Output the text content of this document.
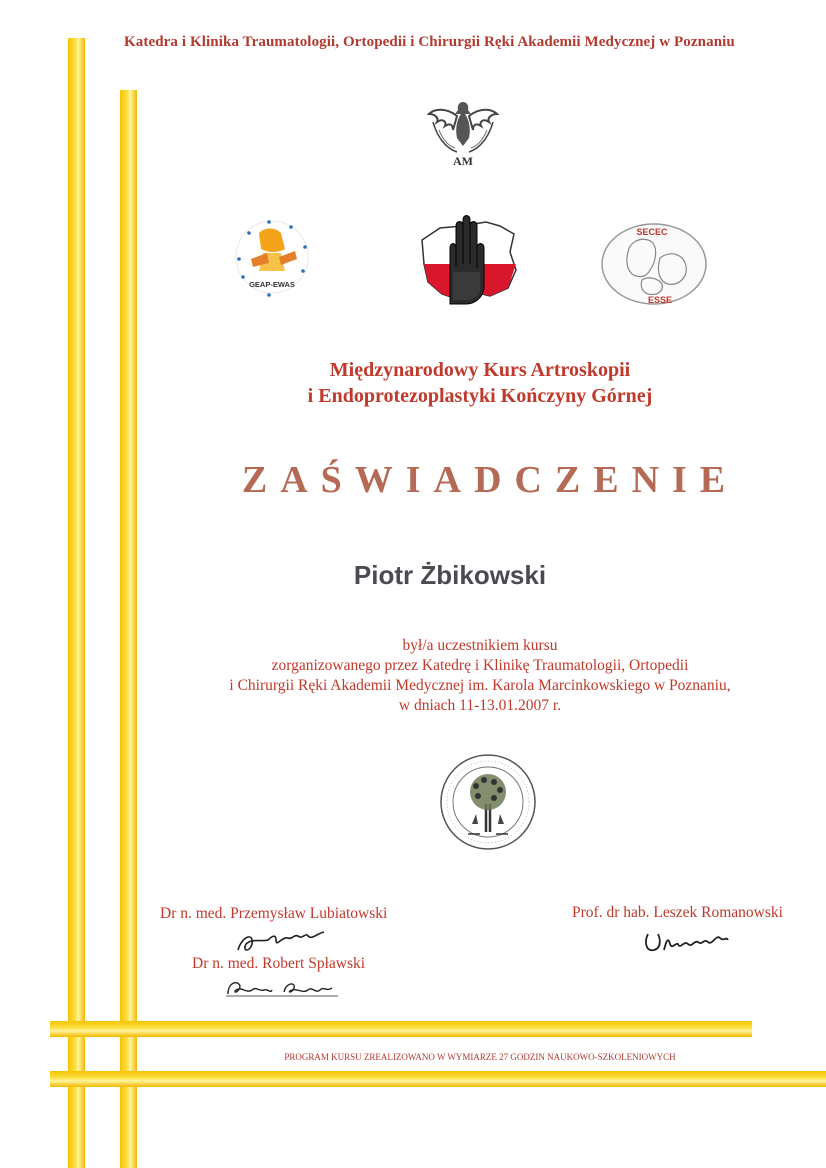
Katedra i Klinika Traumatologii, Ortopedii i Chirurgii Ręki Akademii Medycznej w Poznaniu
AM
GEAP-EWAS
SECEC
ESSE
Międzynarodowy Kurs Artroskopii
i Endoprotezoplastyki Kończyny Górnej
ZAŚWIADCZENIE
Piotr Żbikowski
był/a uczestnikiem kursu
zorganizowanego przez Katedrę i Klinikę Traumatologii, Ortopedii
i Chirurgii Ręki Akademii Medycznej im. Karola Marcinkowskiego w Poznaniu,
w dniach 11-13.01.2007 r.
Dr n. med. Przemysław Lubiatowski
Dr n. med. Robert Spławski
Prof. dr hab. Leszek Romanowski
PROGRAM KURSU ZREALIZOWANO W WYMIARZE 27 GODZIN NAUKOWO-SZKOLENIOWYCH
